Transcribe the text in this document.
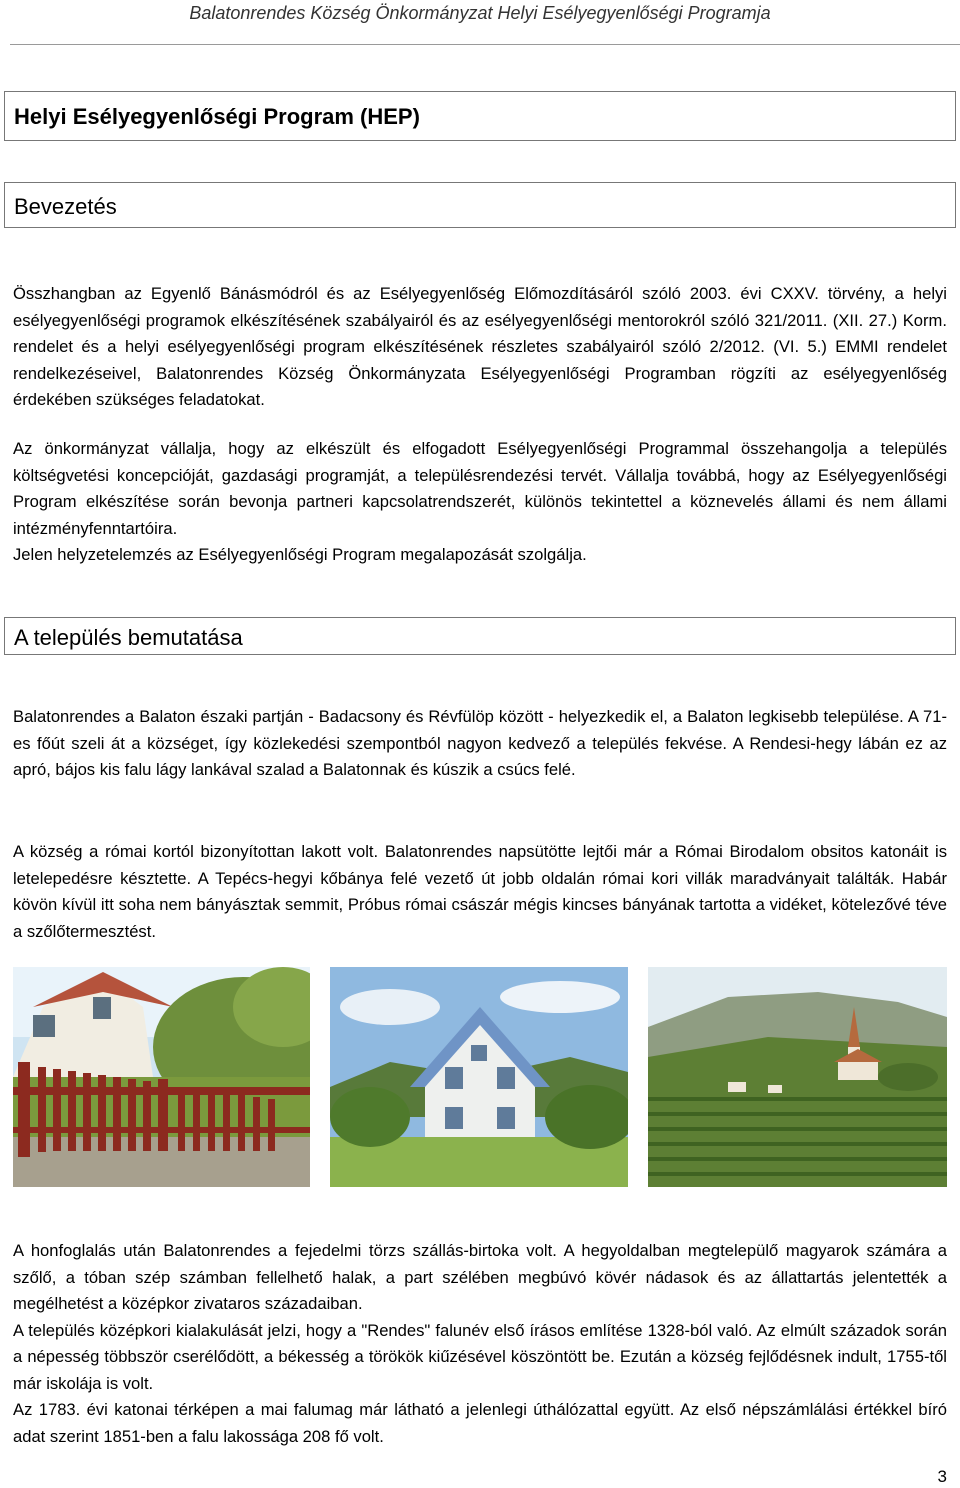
Balatonrendes Község Önkormányzat Helyi Esélyegyenlőségi Programja
Helyi Esélyegyenlőségi Program (HEP)
Bevezetés

Összhangban az Egyenlő Bánásmódról és az Esélyegyenlőség Előmozdításáról szóló 2003. évi CXXV. törvény, a helyi esélyegyenlőségi programok elkészítésének szabályairól és az esélyegyenlőségi mentorokról szóló 321/2011. (XII. 27.) Korm. rendelet és a helyi esélyegyenlőségi program elkészítésének részletes szabályairól szóló 2/2012. (VI. 5.) EMMI rendelet rendelkezéseivel, Balatonrendes Község Önkormányzata Esélyegyenlőségi Programban rögzíti az esélyegyenlőség érdekében szükséges feladatokat.

Az önkormányzat vállalja, hogy az elkészült és elfogadott Esélyegyenlőségi Programmal összehangolja a település költségvetési koncepcióját, gazdasági programját, a településrendezési tervét. Vállalja továbbá, hogy az Esélyegyenlőségi Program elkészítése során bevonja partneri kapcsolatrendszerét, különös tekintettel a köznevelés állami és nem állami intézményfenntartóira.
Jelen helyzetelemzés az Esélyegyenlőségi Program megalapozását szolgálja.
A település bemutatása

Balatonrendes a Balaton északi partján - Badacsony és Révfülöp között - helyezkedik el, a Balaton legkisebb települése. A 71-es főút szeli át a községet, így közlekedési szempontból nagyon kedvező a település fekvése. A Rendesi-hegy lábán ez az apró, bájos kis falu lágy lankával szalad a Balatonnak és kúszik a csúcs felé.

A község a római kortól bizonyítottan lakott volt. Balatonrendes napsütötte lejtői már a Római Birodalom obsitos katonáit is letelepedésre késztette. A Tepécs-hegyi kőbánya felé vezető út jobb oldalán római kori villák maradványait találták. Habár kövön kívül itt soha nem bányásztak semmit, Próbus római császár mégis kincses bányának tartotta a vidéket, kötelezővé téve a szőlőtermesztést.

A honfoglalás után Balatonrendes a fejedelmi törzs szállás-birtoka volt. A hegyoldalban megtelepülő magyarok számára a szőlő, a tóban szép számban fellelhető halak, a part szélében megbúvó kövér nádasok és az állattartás jelentették a megélhetést a középkor zivataros századaiban.
A település középkori kialakulását jelzi, hogy a "Rendes" falunév első írásos említése 1328-ból való. Az elmúlt századok során a népesség többször cserélődött, a békesség a törökök kiűzésével köszöntött be. Ezután a község fejlődésnek indult, 1755-től már iskolája is volt.
Az 1783. évi katonai térképen a mai falumag már látható a jelenlegi úthálózattal együtt. Az első népszámlálási értékkel bíró adat szerint 1851-ben a falu lakossága 208 fő volt.
3
